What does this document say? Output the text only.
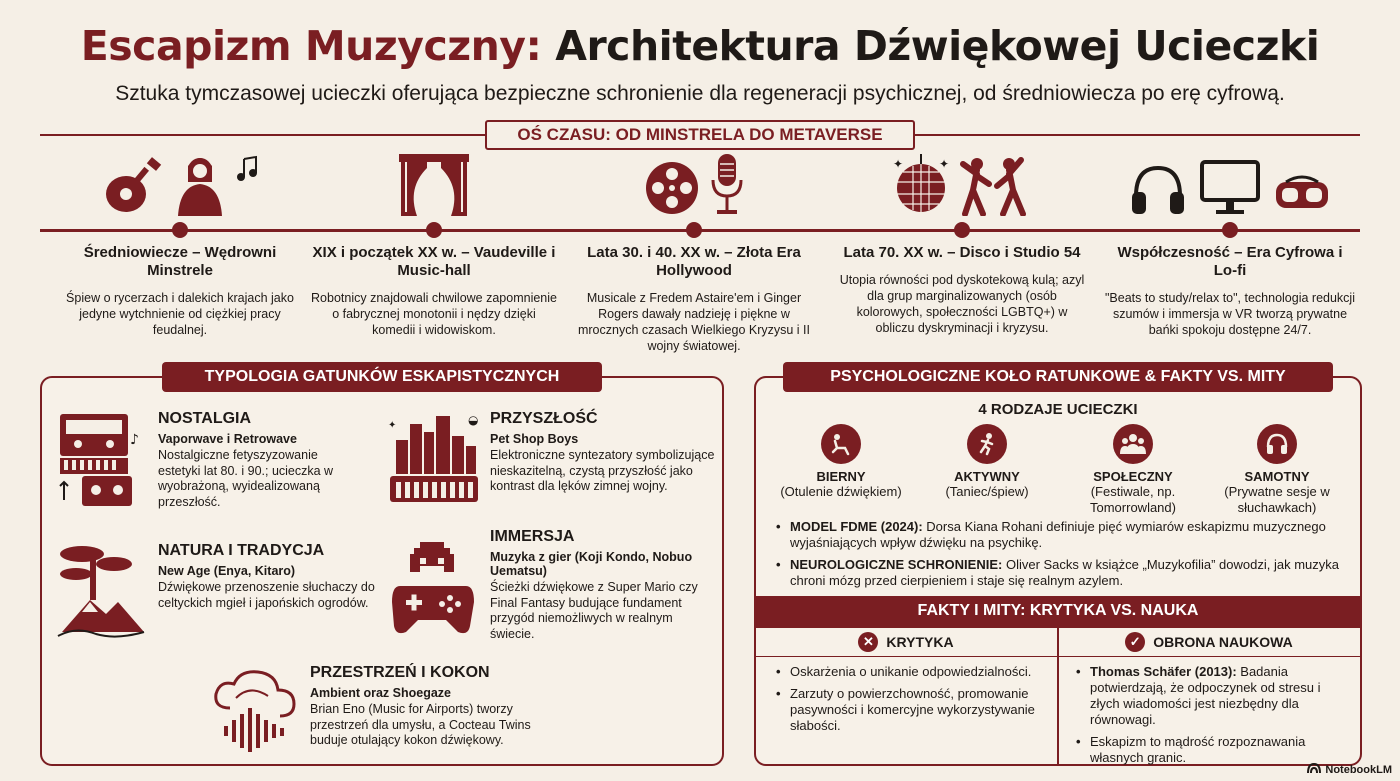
Escapizm Muzyczny: Architektura Dźwiękowej Ucieczki
Sztuka tymczasowej ucieczki oferująca bezpieczne schronienie dla regeneracji psychicznej, od średniowiecza po erę cyfrową.
OŚ CZASU: OD MINSTRELA DO METAVERSE
✦	✦
Średniowiecze – Wędrowni Minstrele
Śpiew o rycerzach i dalekich krajach jako jedyne wytchnienie od ciężkiej pracy feudalnej.
XIX i początek XX w. – Vaudeville i Music-hall
Robotnicy znajdowali chwilowe zapomnienie o fabrycznej monotonii i nędzy dzięki komedii i widowiskom.
Lata 30. i 40. XX w. – Złota Era Hollywood
Musicale z Fredem Astaire'em i Ginger Rogers dawały nadzieję i piękne w mrocznych czasach Wielkiego Kryzysu i II wojny światowej.
Lata 70. XX w. – Disco i Studio 54
Utopia równości pod dyskotekową kulą; azyl dla grup marginalizowanych (osób kolorowych, społeczności LGBTQ+) w obliczu dyskryminacji i kryzysu.
Współczesność – Era Cyfrowa i Lo-fi
"Beats to study/relax to", technologia redukcji szumów i immersja w VR tworzą prywatne bańki spokoju dostępne 24/7.
TYPOLOGIA GATUNKÓW ESKAPISTYCZNYCH
♪
NOSTALGIA
Vaporwave i Retrowave
Nostalgiczne fetyszyzowanie estetyki lat 80. i 90.; ucieczka w wyobrażoną, wyidealizowaną przeszłość.
✦	◒ PRZYSZŁOŚĆ
Pet Shop Boys
Elektroniczne syntezatory symbolizujące nieskazitelną, czystą przyszłość jako kontrast dla lęków zimnej wojny.
NATURA I TRADYCJA
New Age (Enya, Kitaro)
Dźwiękowe przenoszenie słuchaczy do celtyckich mgieł i japońskich ogrodów.
IMMERSJA
Muzyka z gier (Koji Kondo, Nobuo Uematsu)
Ścieżki dźwiękowe z Super Mario czy Final Fantasy budujące fundament przygód niemożliwych w realnym świecie.
PRZESTRZEŃ I KOKON
Ambient oraz Shoegaze
Brian Eno (Music for Airports) tworzy przestrzeń dla umysłu, a Cocteau Twins buduje otulający kokon dźwiękowy.
PSYCHOLOGICZNE KOŁO RATUNKOWE & FAKTY VS. MITY
4 RODZAJE UCIECZKI
BIERNY
(Otulenie dźwiękiem)
AKTYWNY
(Taniec/śpiew)
SPOŁECZNY
(Festiwale, np. Tomorrowland)
SAMOTNY
(Prywatne sesje w słuchawkach)
• MODEL FDME (2024): Dorsa Kiana Rohani definiuje pięć wymiarów eskapizmu muzycznego wyjaśniających wpływ dźwięku na psychikę.
• NEUROLOGICZNE SCHRONIENIE: Oliver Sacks w książce „Muzykofilia” dowodzi, jak muzyka chroni mózg przed cierpieniem i staje się realnym azylem.
FAKTY I MITY: KRYTYKA VS. NAUKA
✕ KRYTYKA	✓ OBRONA NAUKOWA
• Oskarżenia o unikanie odpowiedzialności.
• Zarzuty o powierzchowność, promowanie pasywności i komercyjne wykorzystywanie słabości.
• Thomas Schäfer (2013): Badania potwierdzają, że odpoczynek od stresu i złych wiadomości jest niezbędny dla równowagi.
• Eskapizm to mądrość rozpoznawania własnych granic.
NotebookLM
